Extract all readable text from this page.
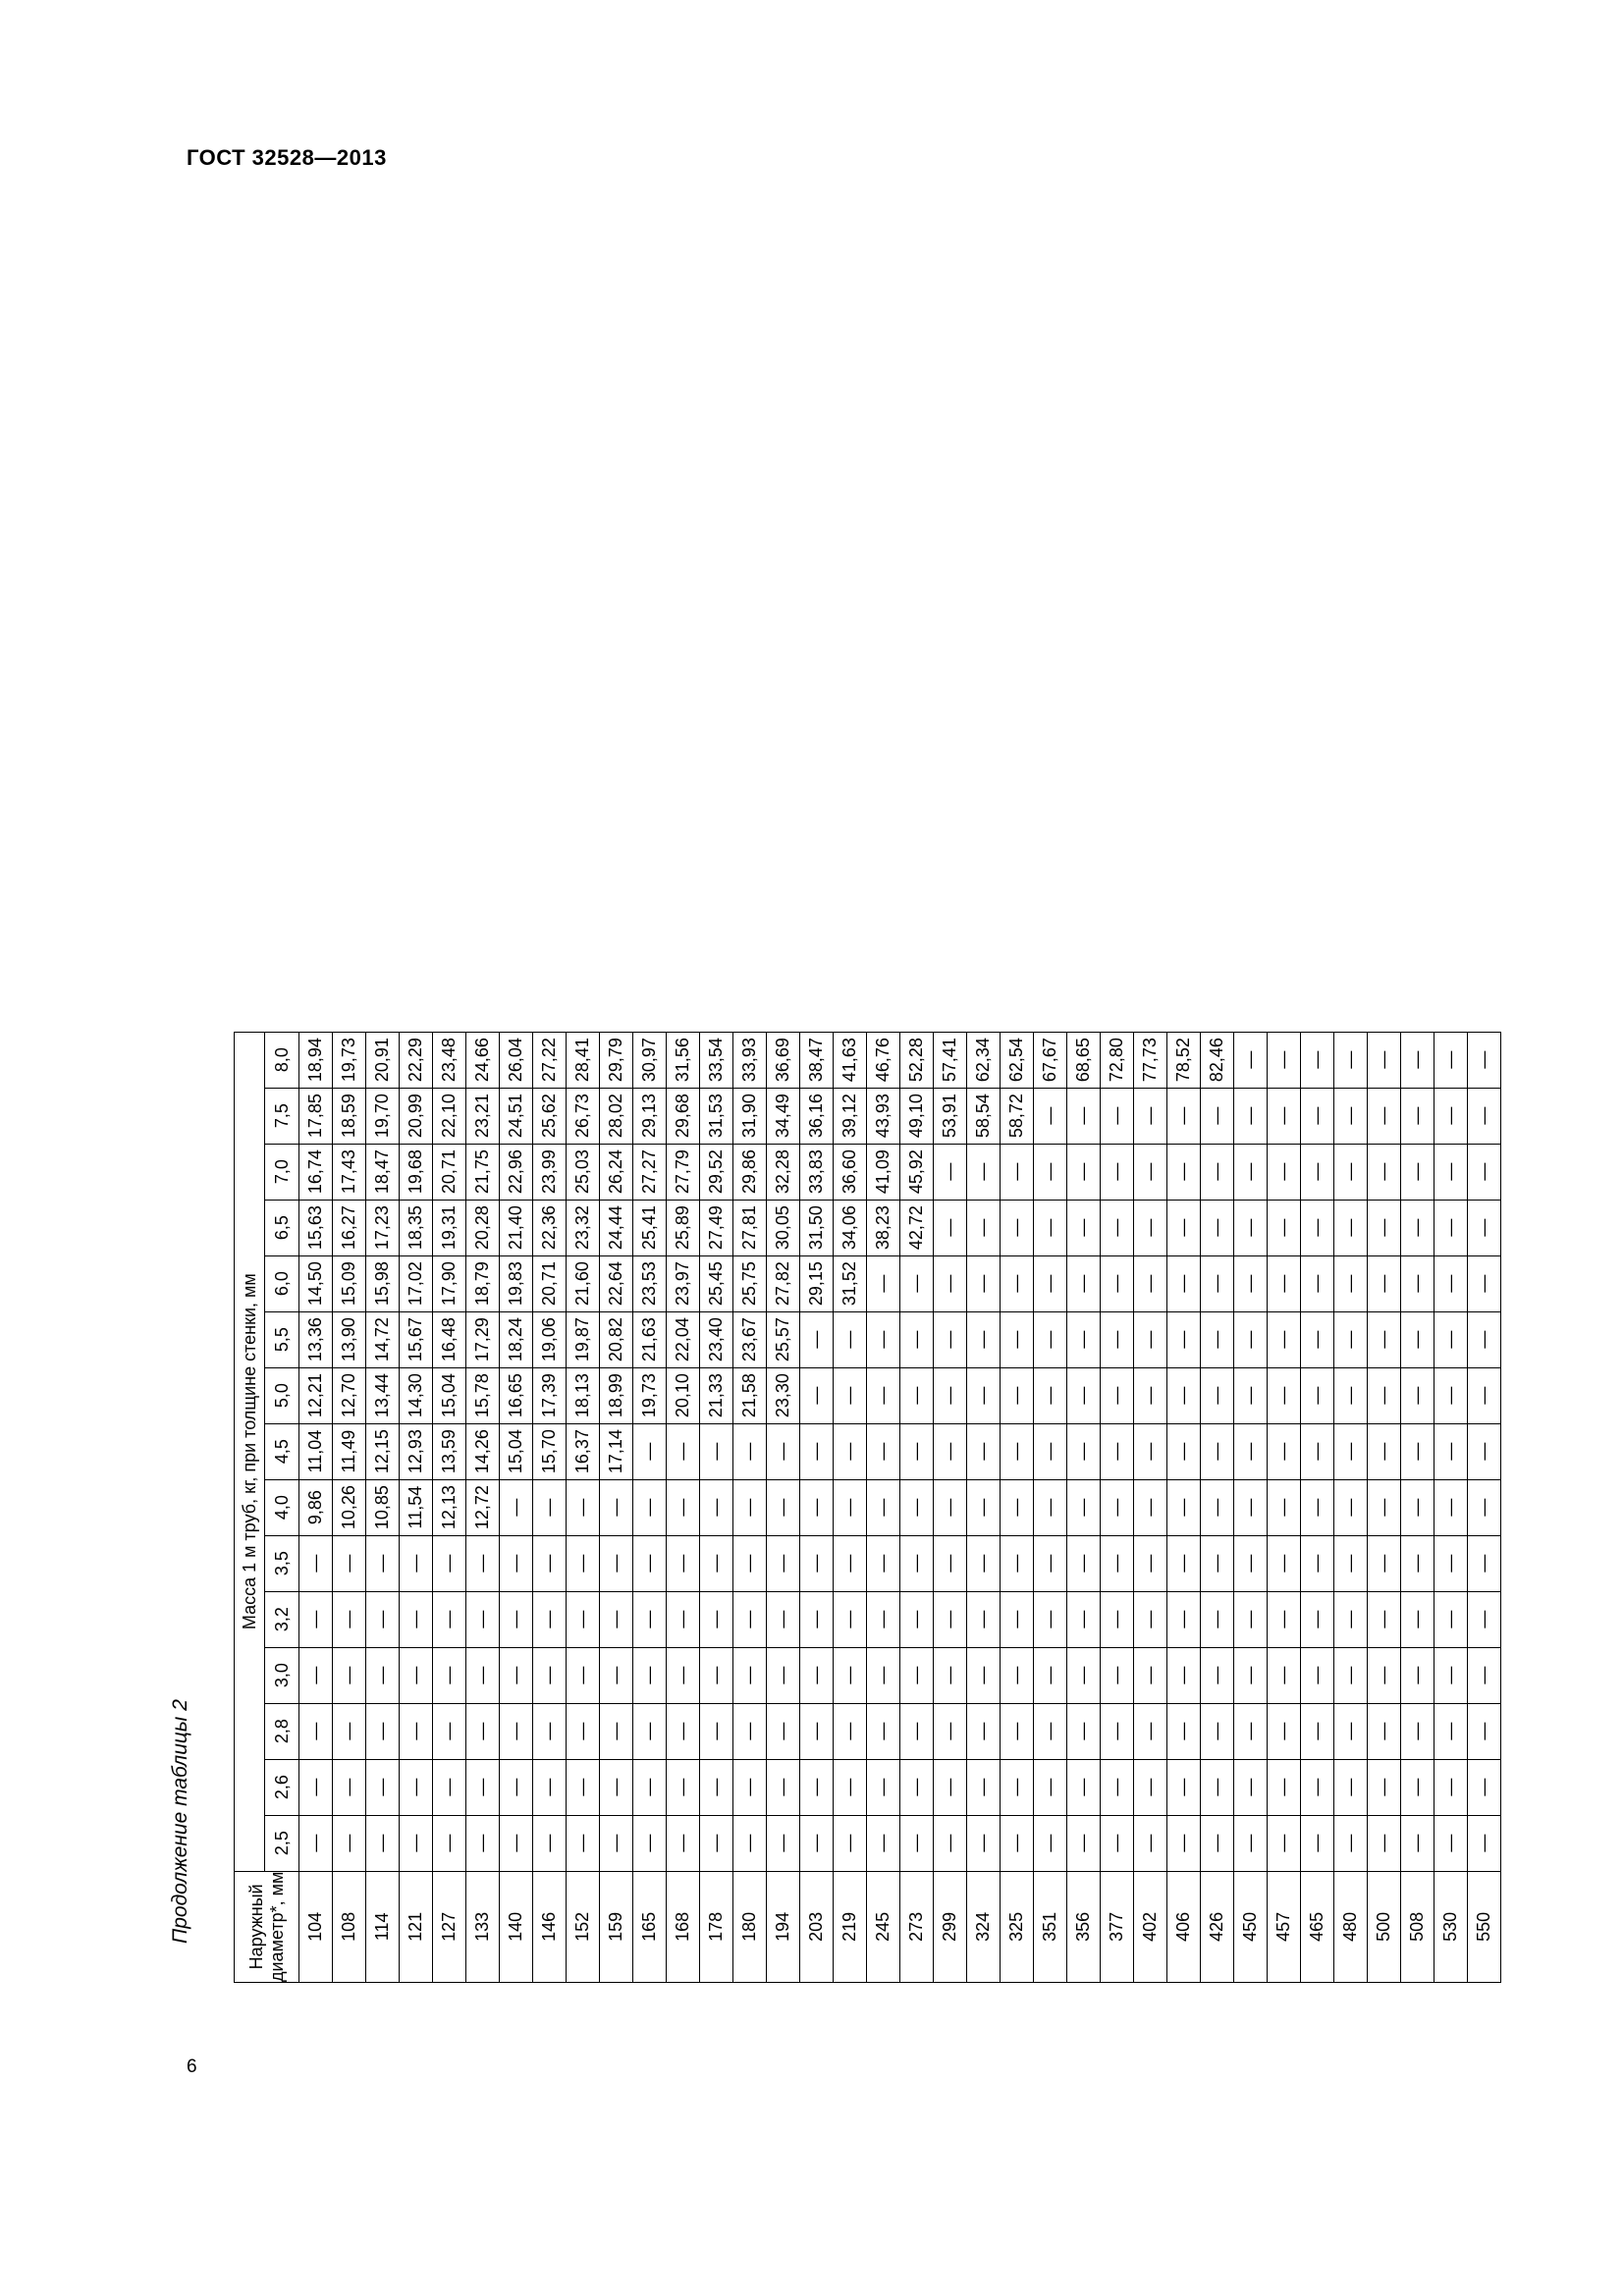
ГОСТ 32528—2013
6
Продолжение таблицы 2	Наружный диаметр*, мм	Масса 1 м труб, кг, при толщине стенки, мм														
	2,5	2,6	2,8	3,0	3,2	3,5	4,0	4,5	5,0	5,5	6,0	6,5	7,0	7,5	8,0
104	—	—	—	—	—	—	9,86	11,04	12,21	13,36	14,50	15,63	16,74	17,85	18,94
108	—	—	—	—	—	—	10,26	11,49	12,70	13,90	15,09	16,27	17,43	18,59	19,73
114	—	—	—	—	—	—	10,85	12,15	13,44	14,72	15,98	17,23	18,47	19,70	20,91
121	—	—	—	—	—	—	11,54	12,93	14,30	15,67	17,02	18,35	19,68	20,99	22,29
127	—	—	—	—	—	—	12,13	13,59	15,04	16,48	17,90	19,31	20,71	22,10	23,48
133	—	—	—	—	—	—	12,72	14,26	15,78	17,29	18,79	20,28	21,75	23,21	24,66
140	—	—	—	—	—	—	—	15,04	16,65	18,24	19,83	21,40	22,96	24,51	26,04
146	—	—	—	—	—	—	—	15,70	17,39	19,06	20,71	22,36	23,99	25,62	27,22
152	—	—	—	—	—	—	—	16,37	18,13	19,87	21,60	23,32	25,03	26,73	28,41
159	—	—	—	—	—	—	—	17,14	18,99	20,82	22,64	24,44	26,24	28,02	29,79
165	—	—	—	—	—	—	—	—	19,73	21,63	23,53	25,41	27,27	29,13	30,97
168	—	—	—	—	—	—	—	—	20,10	22,04	23,97	25,89	27,79	29,68	31,56
178	—	—	—	—	—	—	—	—	21,33	23,40	25,45	27,49	29,52	31,53	33,54
180	—	—	—	—	—	—	—	—	21,58	23,67	25,75	27,81	29,86	31,90	33,93
194	—	—	—	—	—	—	—	—	23,30	25,57	27,82	30,05	32,28	34,49	36,69
203	—	—	—	—	—	—	—	—	—	—	29,15	31,50	33,83	36,16	38,47
219	—	—	—	—	—	—	—	—	—	—	31,52	34,06	36,60	39,12	41,63
245	—	—	—	—	—	—	—	—	—	—	—	38,23	41,09	43,93	46,76
273	—	—	—	—	—	—	—	—	—	—	—	42,72	45,92	49,10	52,28
299	—	—	—	—	—	—	—	—	—	—	—	—	—	53,91	57,41
324	—	—	—	—	—	—	—	—	—	—	—	—	—	58,54	62,34
325	—	—	—	—	—	—	—	—	—	—	—	—	—	58,72	62,54
351	—	—	—	—	—	—	—	—	—	—	—	—	—	—	67,67
356	—	—	—	—	—	—	—	—	—	—	—	—	—	—	68,65
377	—	—	—	—	—	—	—	—	—	—	—	—	—	—	72,80
402	—	—	—	—	—	—	—	—	—	—	—	—	—	—	77,73
406	—	—	—	—	—	—	—	—	—	—	—	—	—	—	78,52
426	—	—	—	—	—	—	—	—	—	—	—	—	—	—	82,46
450	—	—	—	—	—	—	—	—	—	—	—	—	—	—	—
457	—	—	—	—	—	—	—	—	—	—	—	—	—	—	—
465	—	—	—	—	—	—	—	—	—	—	—	—	—	—	—
480	—	—	—	—	—	—	—	—	—	—	—	—	—	—	—
500	—	—	—	—	—	—	—	—	—	—	—	—	—	—	—
508	—	—	—	—	—	—	—	—	—	—	—	—	—	—	—
530	—	—	—	—	—	—	—	—	—	—	—	—	—	—	—
550	—	—	—	—	—	—	—	—	—	—	—	—	—	—	—
